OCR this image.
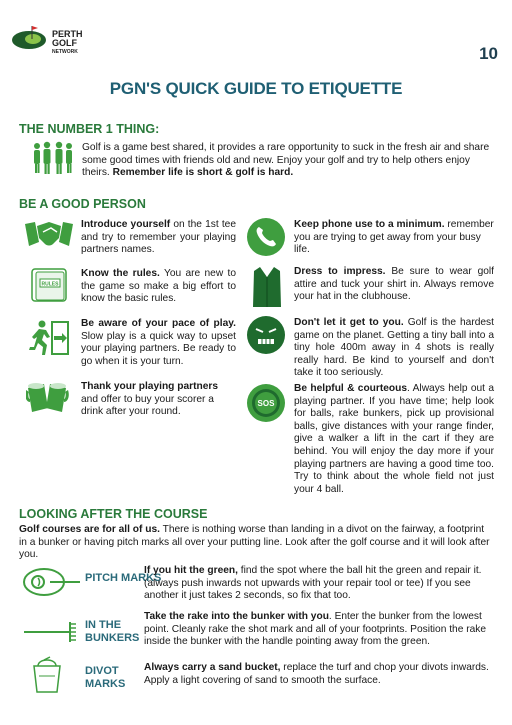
PERTH
GOLF
NETWORK	10
PGN'S QUICK GUIDE TO ETIQUETTE
THE NUMBER 1 THING:
Golf is a game best shared, it provides a rare opportunity to suck in the fresh air and share some good times with friends old and new. Enjoy your golf and try to help others enjoy theirs. Remember life is short & golf is hard.
BE A GOOD PERSON
RULES
Introduce yourself on the 1st tee and try to remember your playing partners names.
Know the rules. You are new to the game so make a big effort to know the basic rules.
Be aware of your pace of play. Slow play is a quick way to upset your playing partners. Be ready to go when it is your turn.
Thank your playing partners and offer to buy your scorer a drink after your round.
SOS
Keep phone use to a minimum. remember you are trying to get away from your busy life.
Dress to impress. Be sure to wear golf attire and tuck your shirt in. Always remove your hat in the clubhouse.
Don't let it get to you. Golf is the hardest game on the planet. Getting a tiny ball into a tiny hole 400m away in 4 shots is really really hard. Be kind to yourself and don't take it too seriously.
Be helpful & courteous. Always help out a playing partner. If you have time; help look for balls, rake bunkers, pick up provisional balls, give distances with your range finder, give a walker a lift in the cart if they are behind. You will enjoy the day more if your playing partners are having a good time too. Try to think about the whole field not just your 4 ball.
LOOKING AFTER THE COURSE
Golf courses are for all of us. There is nothing worse than landing in a divot on the fairway, a footprint in a bunker or having pitch marks all over your putting line. Look after the golf course and it will look after you.
PITCH MARKS
IN THE BUNKERS
DIVOT MARKS
If you hit the green, find the spot where the ball hit the green and repair it. (always push inwards not upwards with your repair tool or tee) If you see another it just takes 2 seconds, so fix that too.
Take the rake into the bunker with you. Enter the bunker from the lowest point. Cleanly rake the shot mark and all of your footprints. Position the rake inside the bunker with the handle pointing away from the green.
Always carry a sand bucket, replace the turf and chop your divots inwards. Apply a light covering of sand to smooth the surface.
